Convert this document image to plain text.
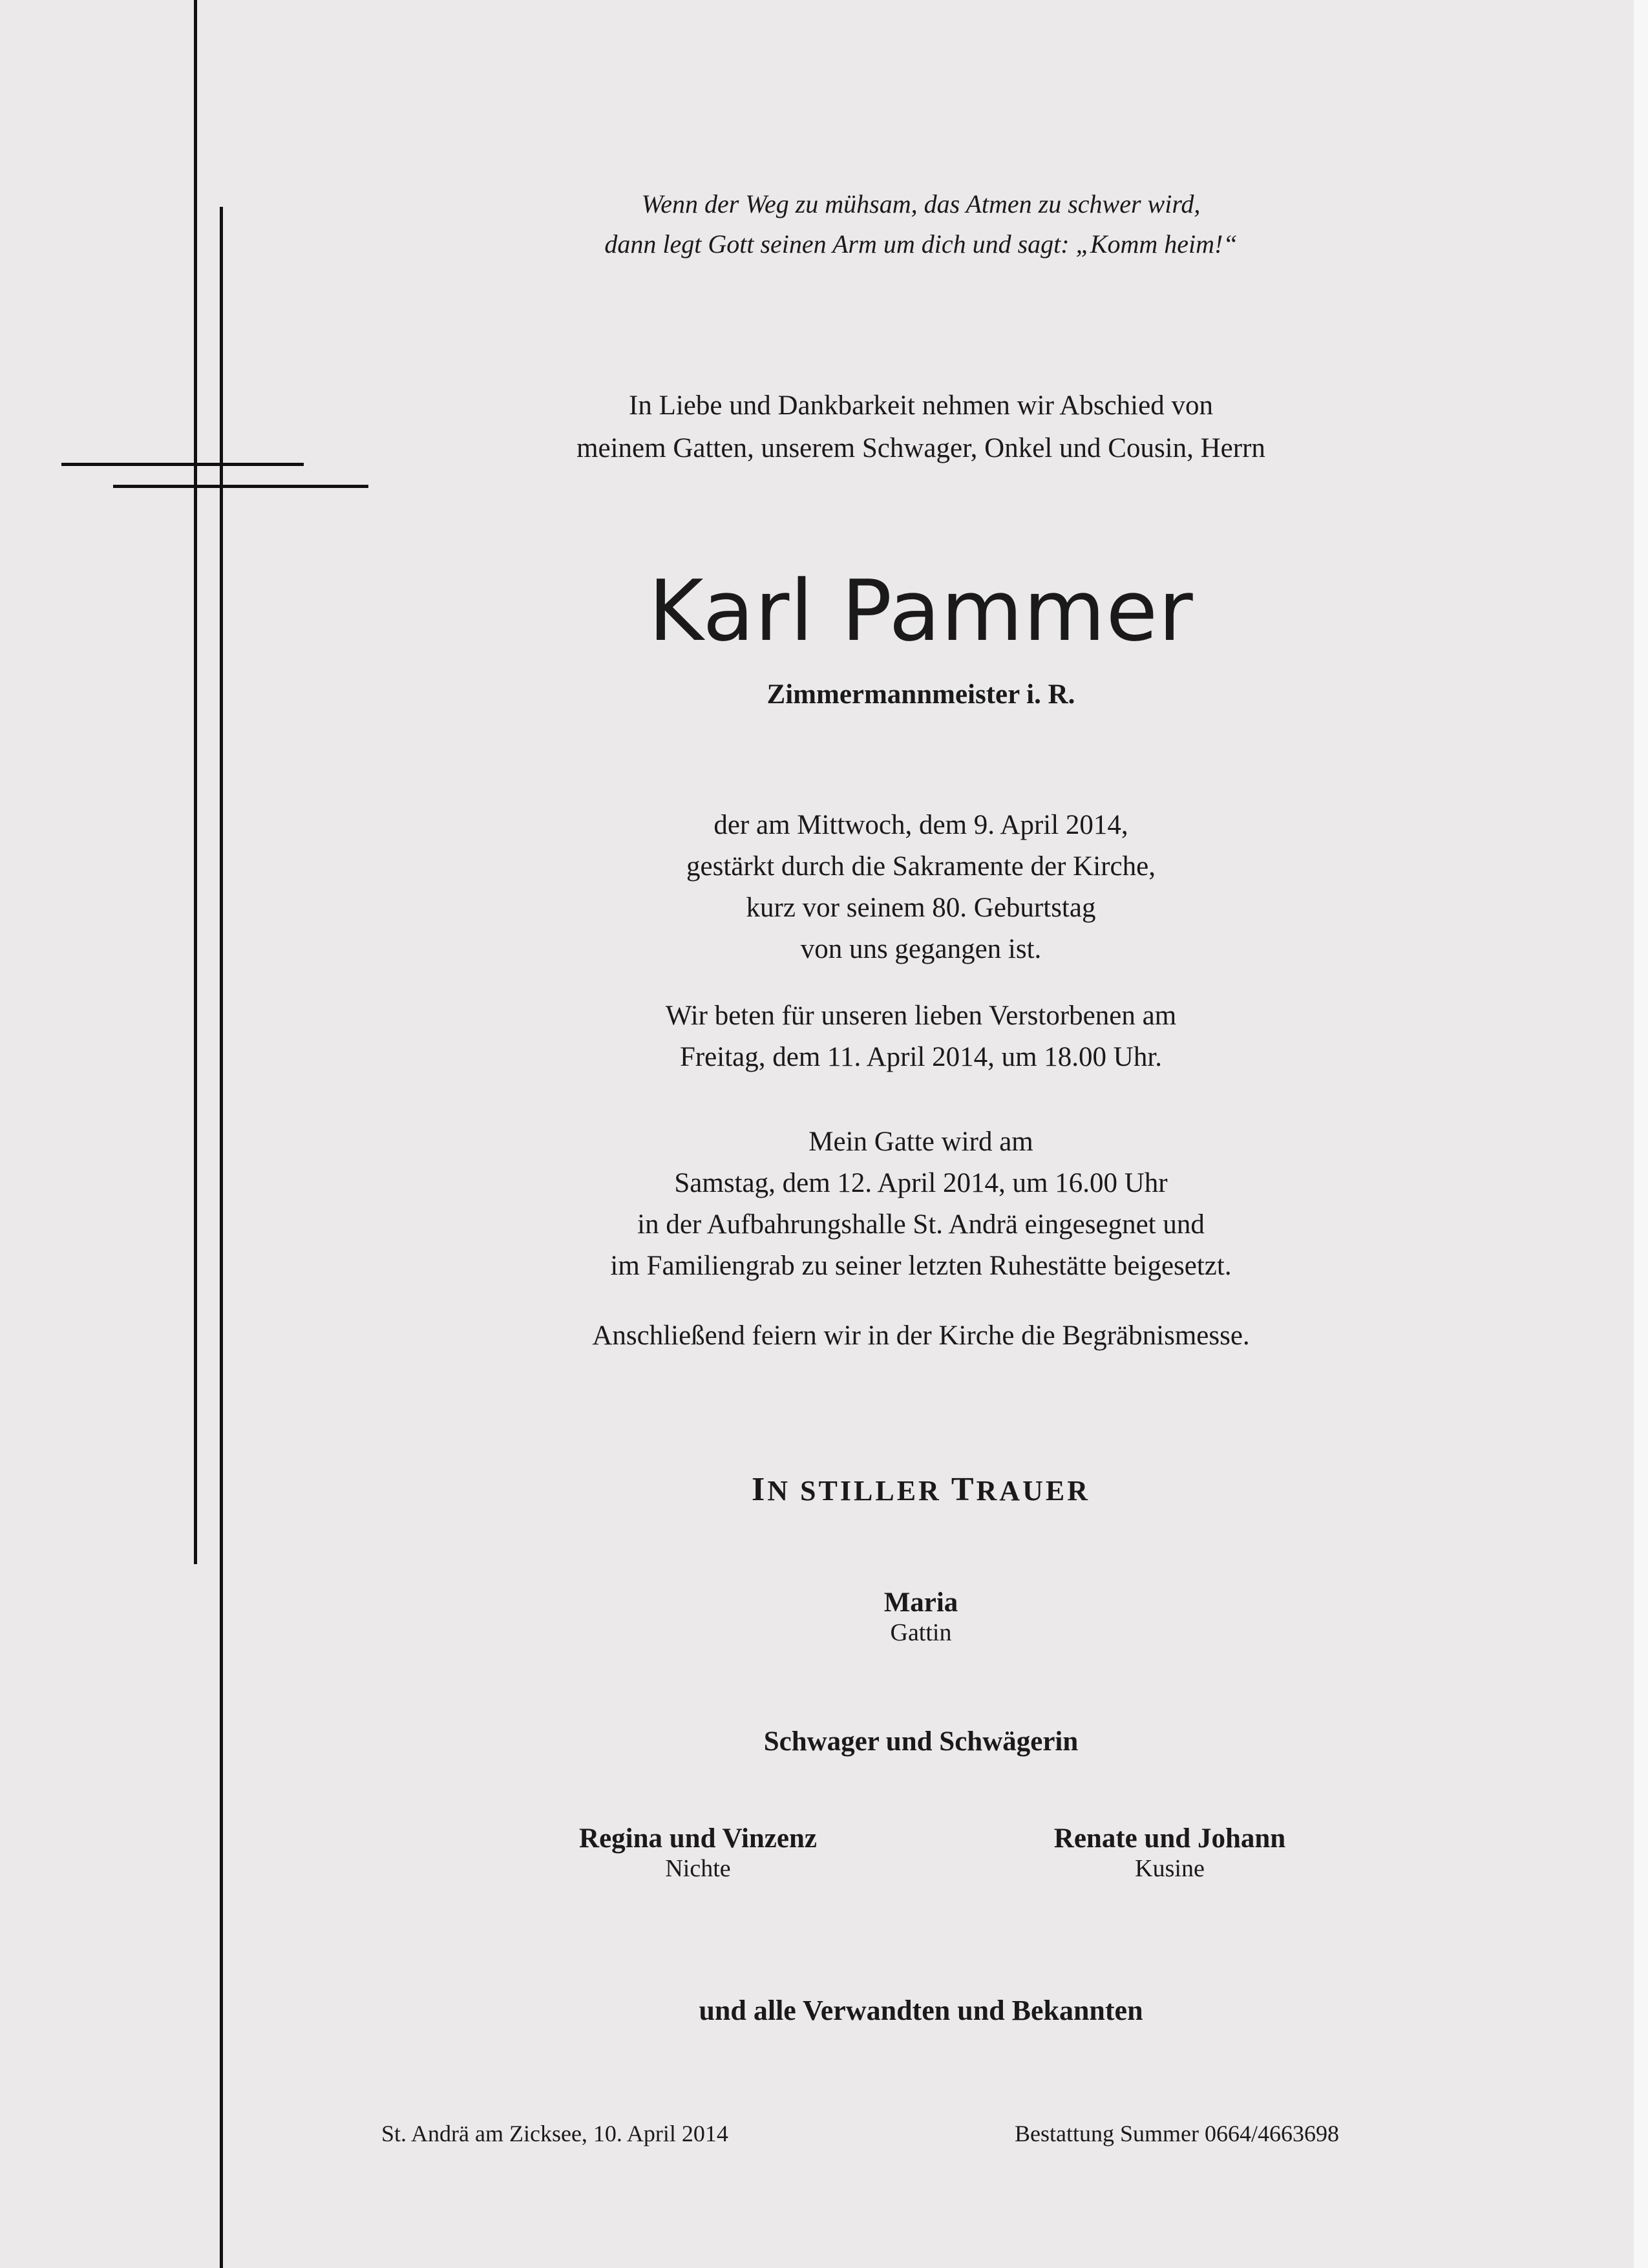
Wenn der Weg zu mühsam, das Atmen zu schwer wird,
dann legt Gott seinen Arm um dich und sagt: „Komm heim!“
In Liebe und Dankbarkeit nehmen wir Abschied von
meinem Gatten, unserem Schwager, Onkel und Cousin, Herrn
Karl Pammer
Zimmermannmeister i. R.
der am Mittwoch, dem 9. April 2014,
gestärkt durch die Sakramente der Kirche,
kurz vor seinem 80. Geburtstag
von uns gegangen ist.
Wir beten für unseren lieben Verstorbenen am
Freitag, dem 11. April 2014, um 18.00 Uhr.
Mein Gatte wird am
Samstag, dem 12. April 2014, um 16.00 Uhr
in der Aufbahrungshalle St. Andrä eingesegnet und
im Familiengrab zu seiner letzten Ruhestätte beigesetzt.
Anschließend feiern wir in der Kirche die Begräbnismesse.
IN STILLER TRAUER
Maria
Gattin
Schwager und Schwägerin
Regina und Vinzenz
Nichte
Renate und Johann
Kusine
und alle Verwandten und Bekannten
St. Andrä am Zicksee, 10. April 2014	Bestattung Summer 0664/4663698
